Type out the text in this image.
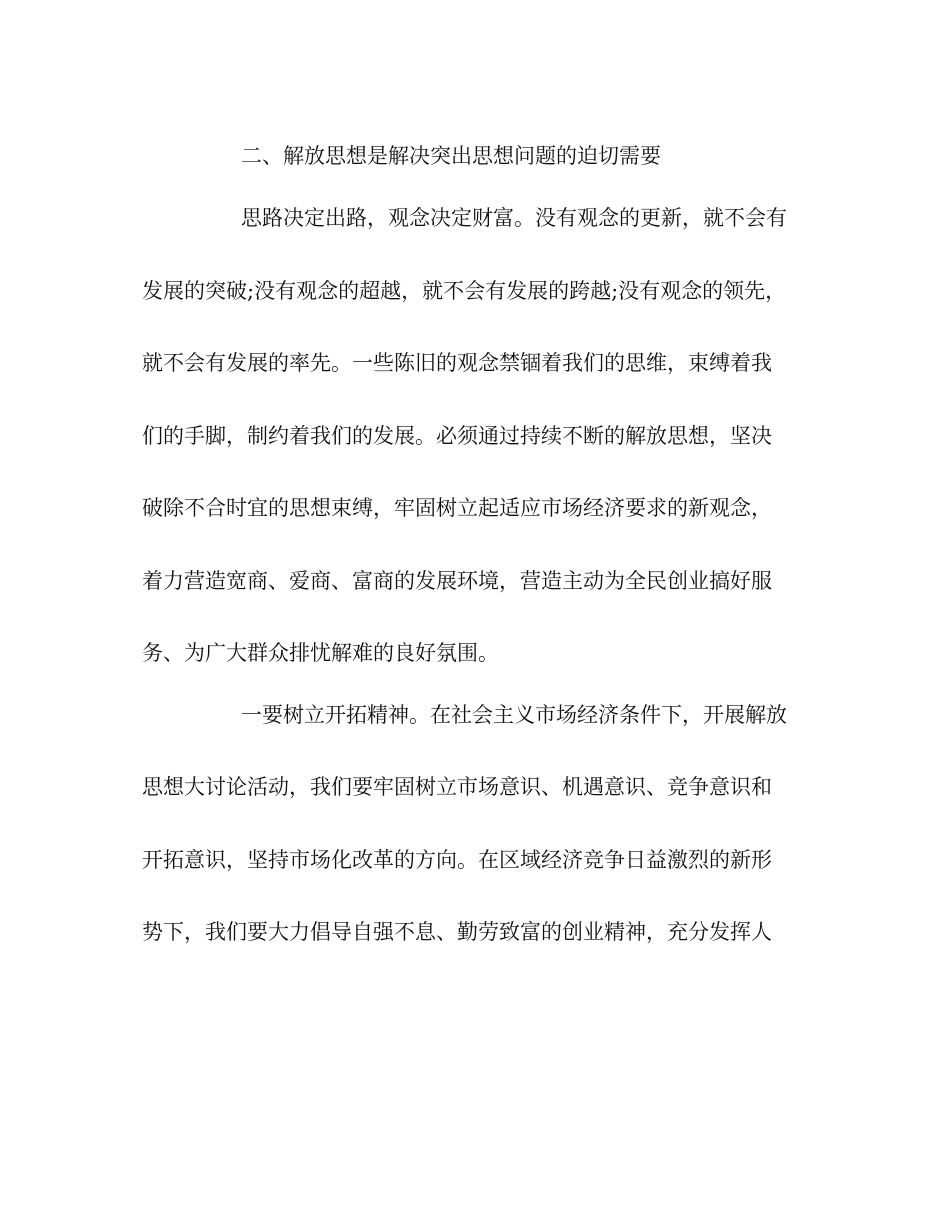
二、解放思想是解决突出思想问题的迫切需要
思路决定出路，观念决定财富。没有观念的更新，就不会有
发展的突破;没有观念的超越，就不会有发展的跨越;没有观念的领先，
就不会有发展的率先。一些陈旧的观念禁锢着我们的思维，束缚着我
们的手脚，制约着我们的发展。必须通过持续不断的解放思想，坚决
破除不合时宜的思想束缚，牢固树立起适应市场经济要求的新观念，
着力营造宽商、爱商、富商的发展环境，营造主动为全民创业搞好服
务、为广大群众排忧解难的良好氛围。
一要树立开拓精神。在社会主义市场经济条件下，开展解放
思想大讨论活动，我们要牢固树立市场意识、机遇意识、竞争意识和
开拓意识，坚持市场化改革的方向。在区域经济竞争日益激烈的新形
势下，我们要大力倡导自强不息、勤劳致富的创业精神，充分发挥人
